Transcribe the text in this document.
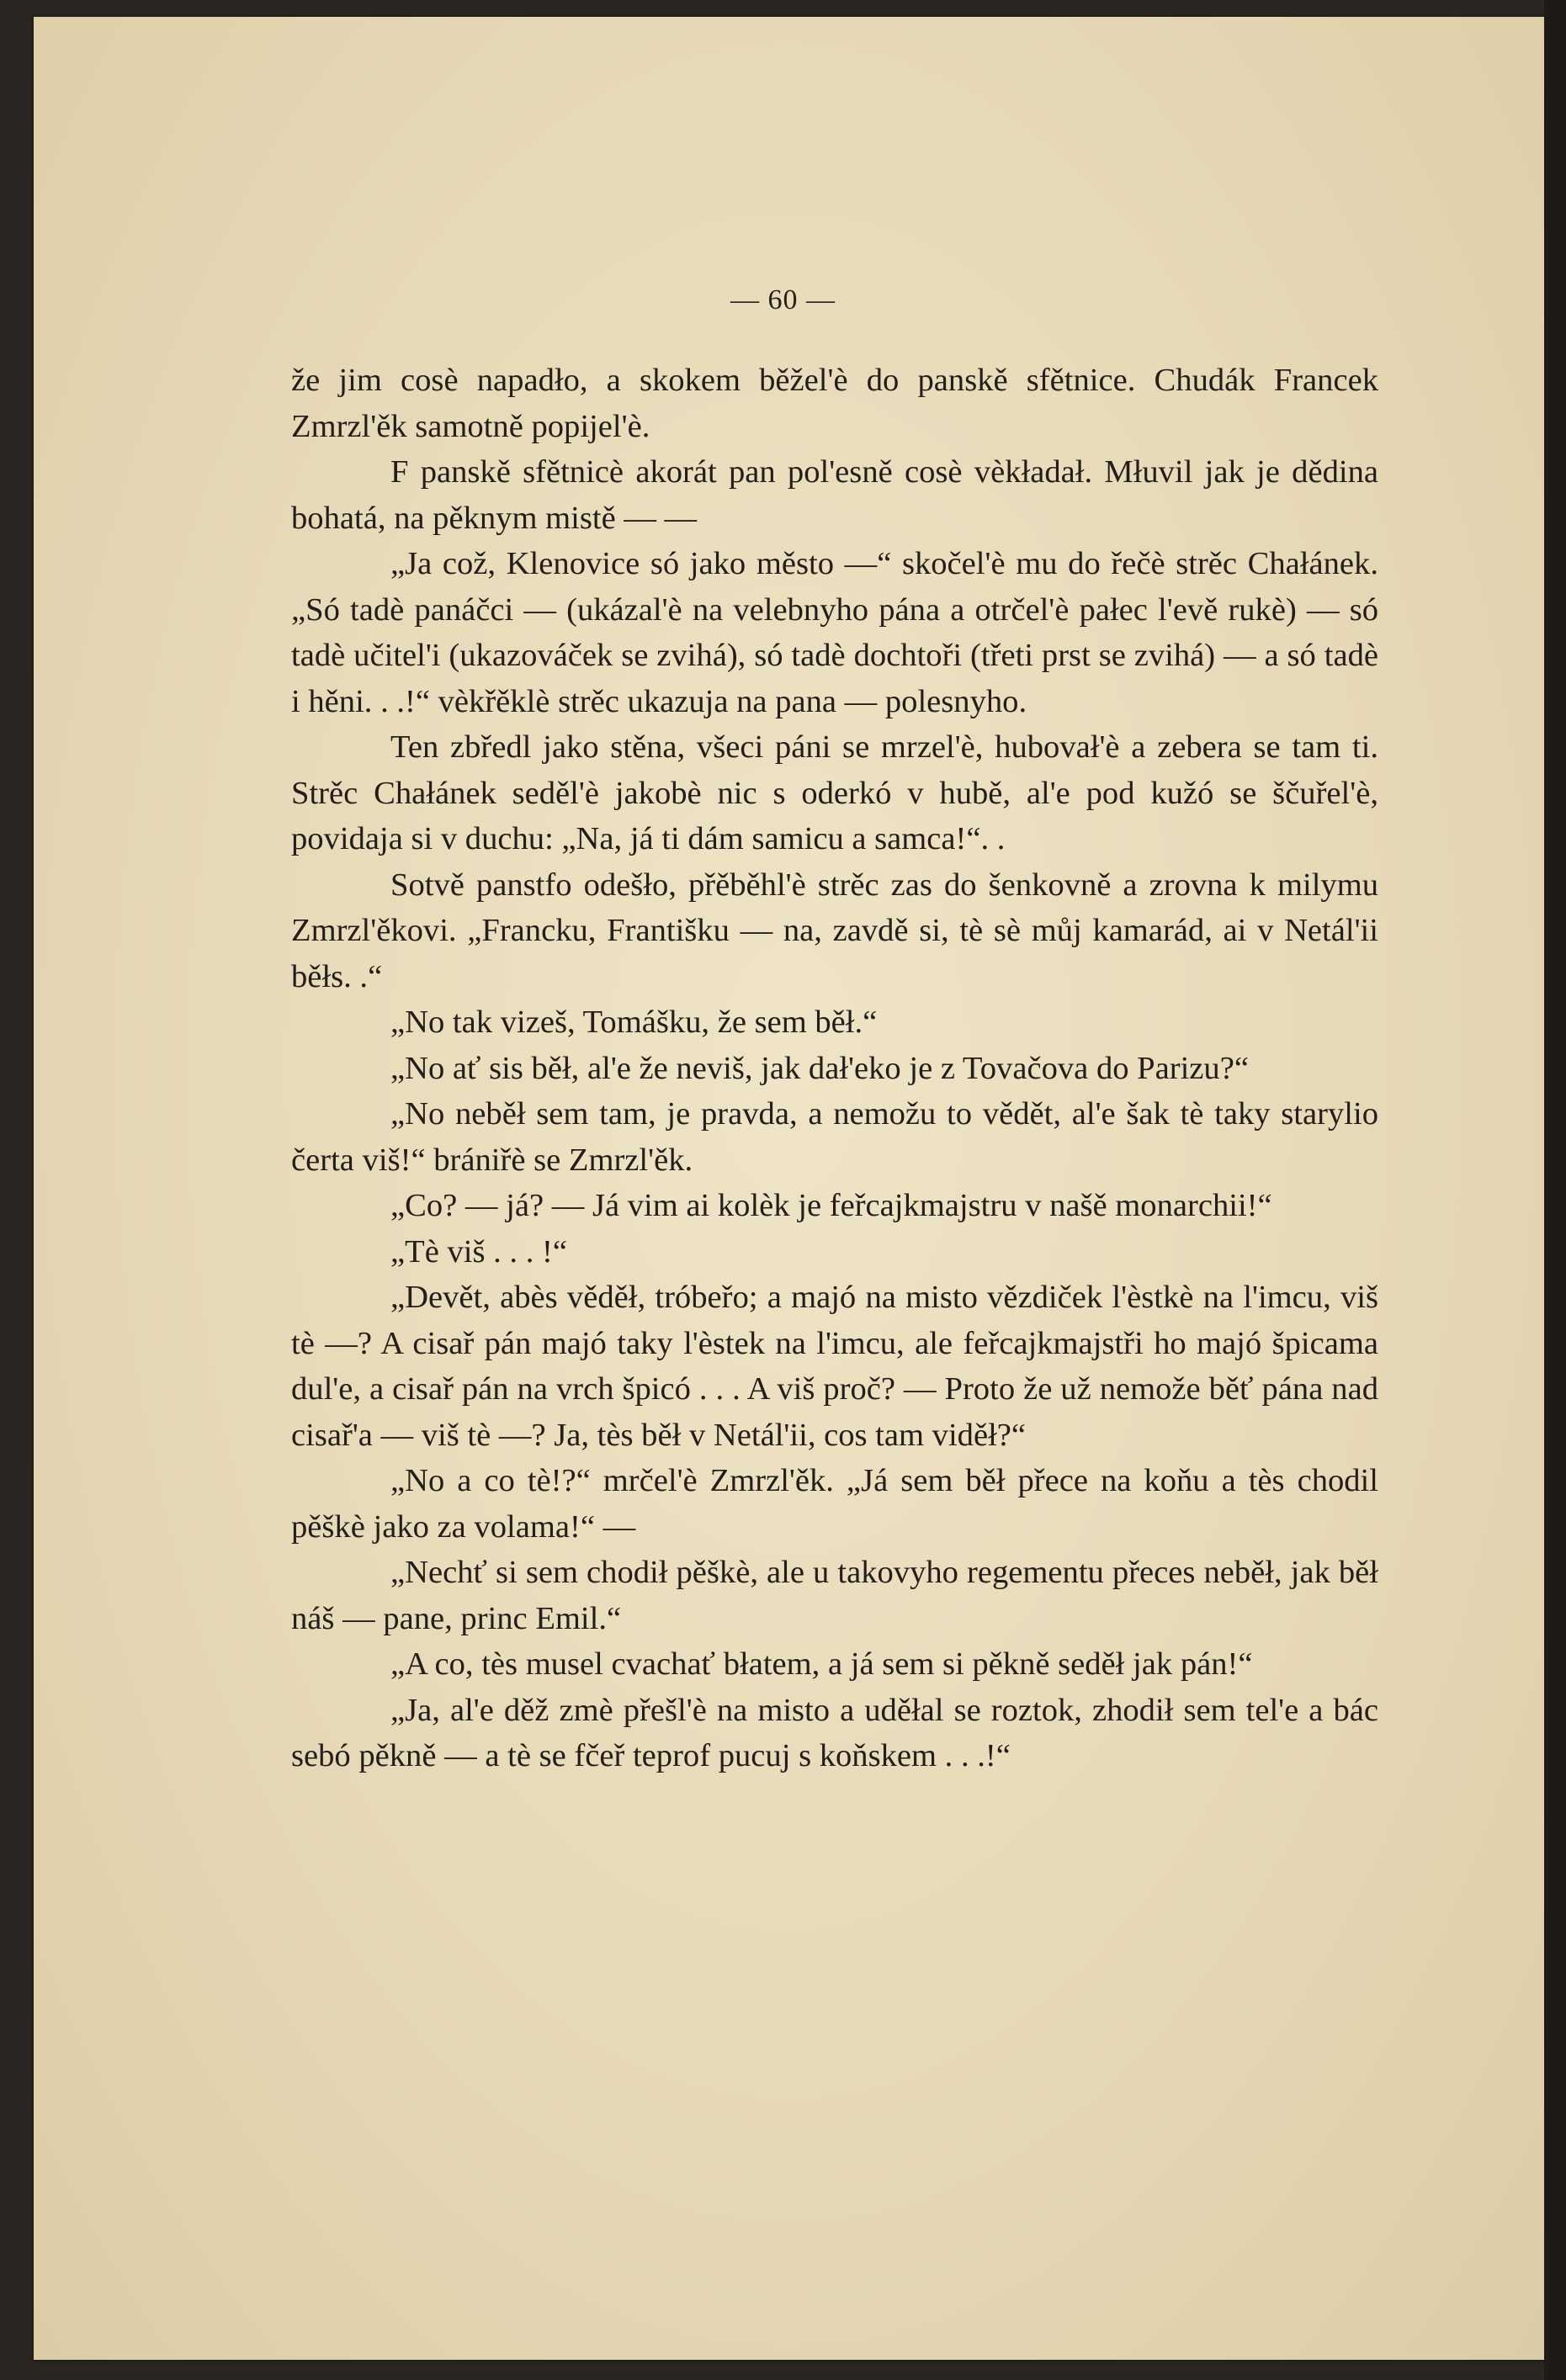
— 60 —

že jim cosè napadło, a skokem běžel'è do panskě sfětnice. Chudák Francek Zmrzl'ěk samotně popijel'è.

F panskě sfětnicè akorát pan pol'esně cosè vèkładał. Młuvil jak je dědina bohatá, na pěknym mistě — —

„Ja což, Klenovice só jako město —“ skočel'è mu do řečè strěc Chałánek. „Só tadè panáčci — (ukázal'è na velebnyho pána a otrčel'è pałec l'evě rukè) — só tadè učitel'i (ukazováček se zvihá), só tadè dochtoři (třeti prst se zvihá) — a só tadè i hěni. . .!“ vèkřěklè strěc ukazuja na pana — polesnyho.

Ten zbředl jako stěna, všeci páni se mrzel'è, hubovał'è a zebera se tam ti. Strěc Chałánek seděl'è jakobè nic s oderkó v hubě, al'e pod kužó se ščuřel'è, povidaja si v duchu: „Na, já ti dám samicu a samca!“. .

Sotvě panstfo odešło, přěběhl'è strěc zas do šenkovně a zrovna k milymu Zmrzl'ěkovi. „Francku, Františku — na, zavdě si, tè sè můj kamarád, ai v Netál'ii běłs. .“

„No tak vizeš, Tomášku, že sem běł.“

„No ať sis běł, al'e že neviš, jak dał'eko je z Tovačova do Parizu?“

„No neběł sem tam, je pravda, a nemožu to vědět, al'e šak tè taky starylio čerta viš!“ brániřè se Zmrzl'ěk.

„Co? — já? — Já vim ai kolèk je feřcajkmajstru v našě monarchii!“

„Tè viš . . . !“

„Devět, abès věděł, tróbeřo; a majó na misto vězdiček l'èstkè na l'imcu, viš tè —? A cisař pán majó taky l'èstek na l'imcu, ale feřcajkmajstři ho majó špicama dul'e, a cisař pán na vrch špicó . . . A viš proč? — Proto že už nemože běť pána nad cisař'a — viš tè —? Ja, tès běł v Netál'ii, cos tam viděł?“

„No a co tè!?“ mrčel'è Zmrzl'ěk. „Já sem běł přece na koňu a tès chodil pěškè jako za volama!“ —

„Nechť si sem chodił pěškè, ale u takovyho regementu přeces neběł, jak běł náš — pane, princ Emil.“

„A co, tès musel cvachať błatem, a já sem si pěkně seděł jak pán!“

„Ja, al'e děž zmè přešl'è na misto a uděłal se roztok, zhodił sem tel'e a bác sebó pěkně — a tè se fčeř teprof pucuj s koňskem . . .!“
